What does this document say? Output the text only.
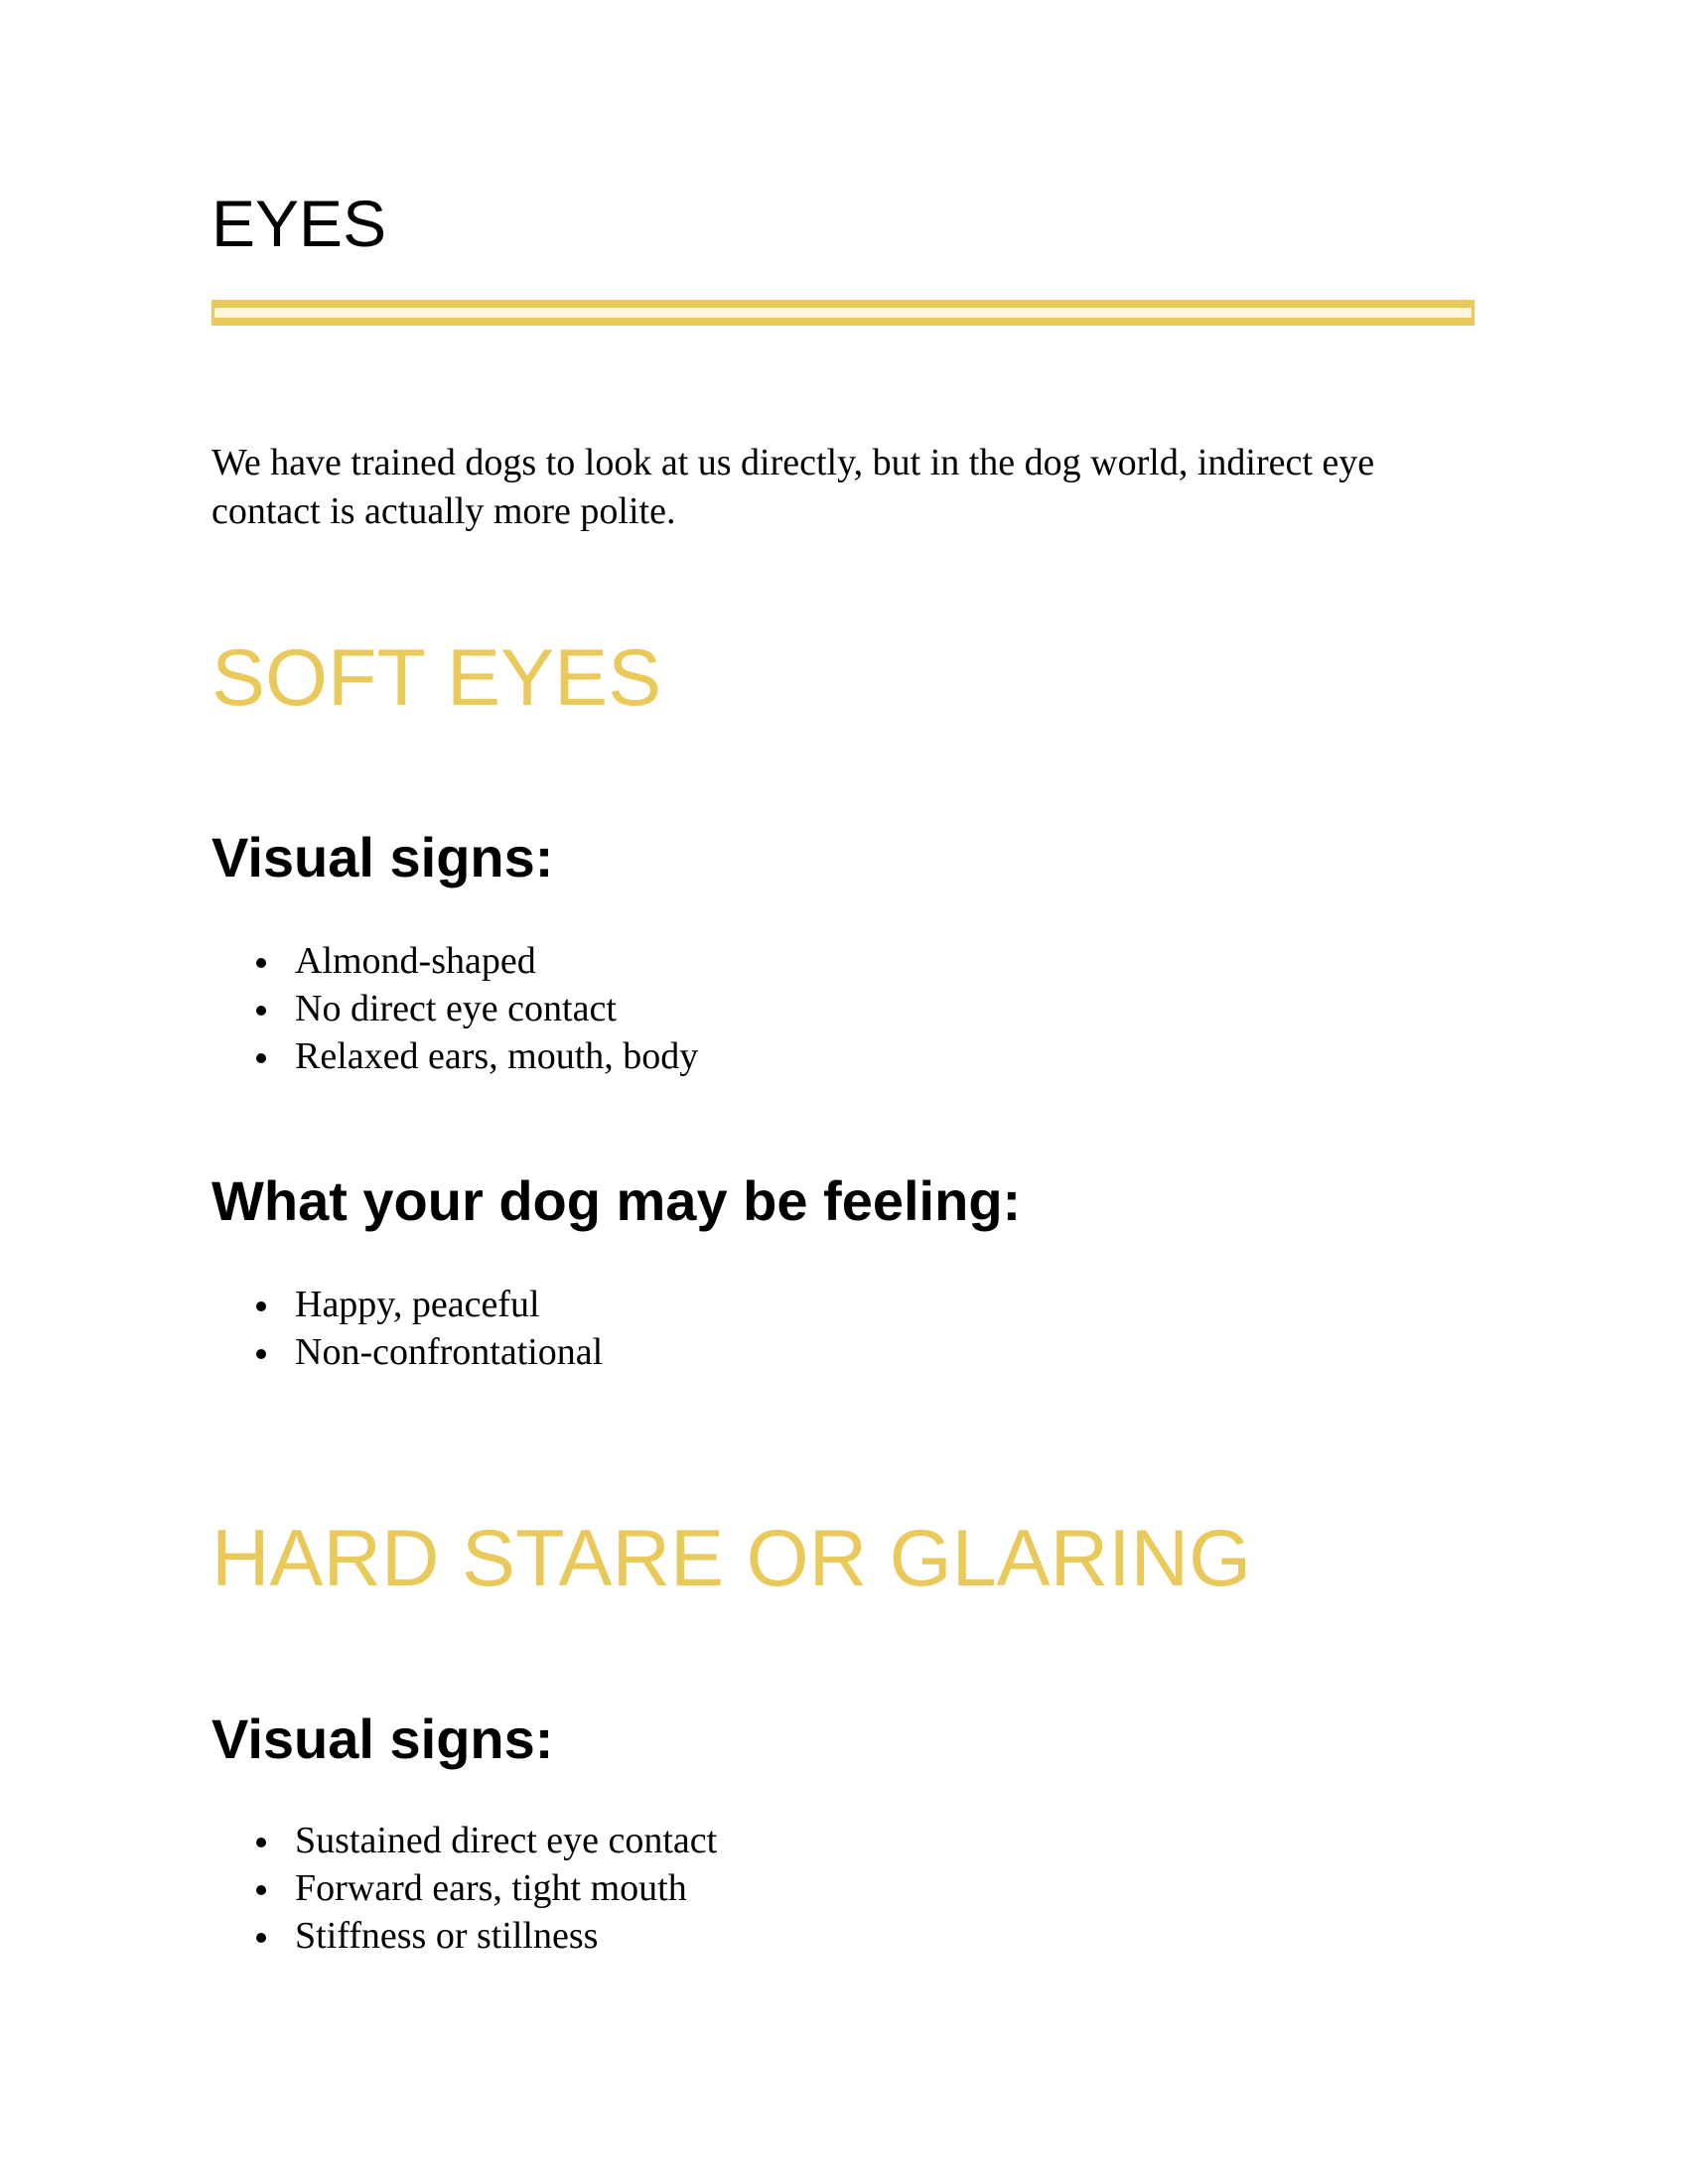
EYES

We have trained dogs to look at us directly, but in the dog world, indirect eye contact is actually more polite.

SOFT EYES
Visual signs:
Almond-shaped
No direct eye contact
Relaxed ears, mouth, body
What your dog may be feeling:
Happy, peaceful
Non-confrontational
HARD STARE OR GLARING
Visual signs:
Sustained direct eye contact
Forward ears, tight mouth
Stiffness or stillness
